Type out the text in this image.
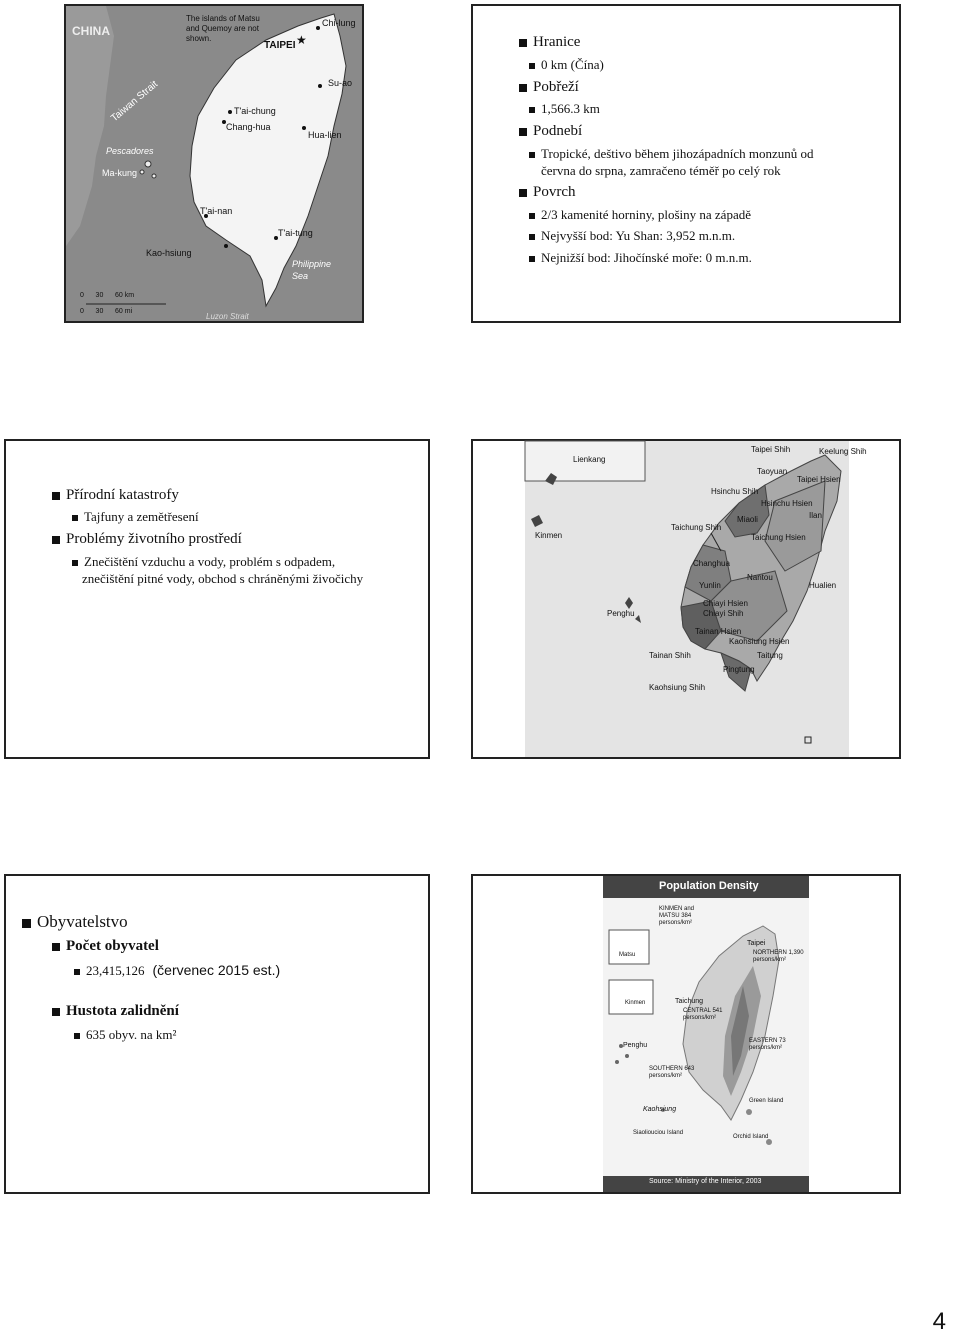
★
CHINA
The islands of Matsu and Quemoy are not shown.
Taiwan Strait
Pescadores
Ma-kung
TAIPEI
Chi-lung
Su-ao
T'ai-chung
Chang-hua
Hua-lien
T'ai-nan
T'ai-tung
Kao-hsiung
Philippine Sea
Luzon Strait
0      30      60 km
0      30      60 mi
Hranice
0 km (Čína)
Pobřeží
1,566.3 km
Podnebí
Tropické, deštivo během jihozápadních monzunů od
června do srpna, zamračeno téměř po celý rok
Povrch
2/3 kamenité horniny, plošiny na západě
Nejvyšší bod: Yu Shan: 3,952 m.n.m.
Nejnižší bod: Jihočínské moře: 0 m.n.m.
Přírodní katastrofy
Tajfuny a zemětřesení
Problémy životního prostředí
Znečištění vzduchu a vody, problém s odpadem,
znečištění pitné vody, obchod s chráněnými živočichy
Lienkang
Kinmen
Penghu
Taipei Shih	Keelung Shih
Taoyuan
Hsinchu Shih
Hsinchu Hsien
Taipei Hsien
Ilan
Miaoli
Taichung Shih
Taichung Hsien
Changhua
Nantou
Hualien
Yunlin
Chiayi Hsien
Chiayi Shih
Tainan Hsien
Tainan Shih
Kaohsiung Hsien
Taitung
Pingtung
Kaohsiung Shih
Obyvatelstvo
Počet obyvatel
23,415,126 (červenec 2015 est.)
Hustota zalidnění
635 obyv. na km²
Population Density
KINMEN and MATSU 384 persons/km²
Matsu
Kinmen
Penghu
Taipei
NORTHERN 1,390 persons/km²
Taichung
CENTRAL 541 persons/km²
EASTERN 73 persons/km²
SOUTHERN 643 persons/km²
Green Island
Kaohsiung
Siaoliouciou Island
Orchid Island
Source: Ministry of the Interior, 2003
4
